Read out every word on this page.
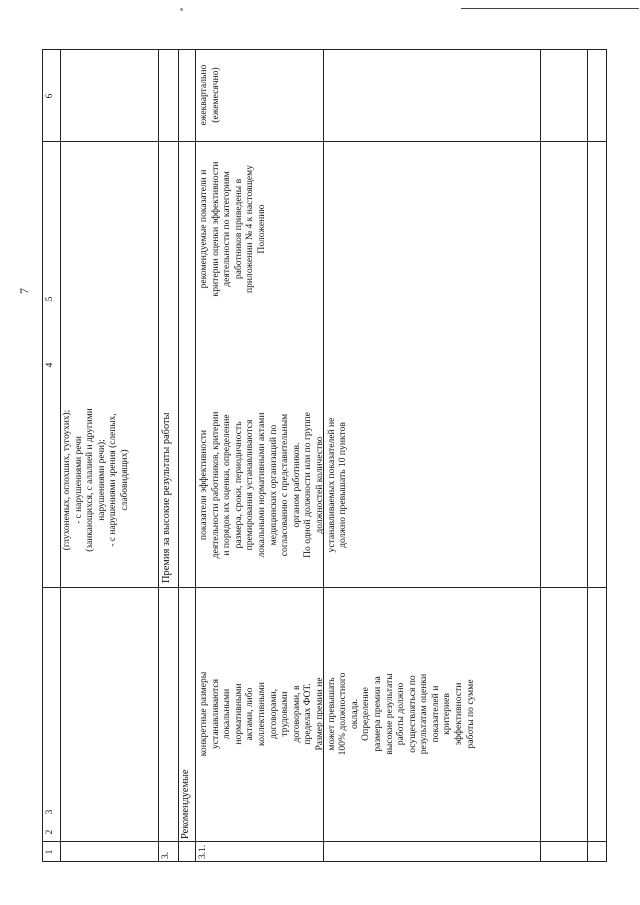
7
1
2
3
4
5
6
(глухонемых, оглохших, тугоухих);
- с нарушениями речи
(заикающихся, с алалией и другими
нарушениями речи);
- с нарушениями зрения (слепых,
слабовидящих)
3.
Премия за высокие результаты работы
3.1.
Рекомендуемые
конкретные размеры
устанавливаются
локальными
нормативными
актами, либо
коллективными
договорами,
трудовыми
договорами, в
пределах ФОТ.
Размер премии не
может превышать
100% должностного
оклада.
Определение
размера премии за
высокие результаты
работы должно
осуществляться по
результатам оценки
показателей и
критериев
эффективности
работы по сумме
показатели эффективности
деятельности работников, критерии
и порядок их оценки, определение
размера, сроки, периодичность
премирования устанавливаются
локальными нормативными актами
медицинских организаций по
согласованию с представительным
органом работников.
По одной должности или по группе
должностей количество
устанавливаемых показателей не
должно превышать 10 пунктов
рекомендуемые показатели и
критерии оценки эффективности
деятельности по категориям
работников приведены в
приложении № 4 к настоящему
Положению
ежеквартально
(ежемесячно)
